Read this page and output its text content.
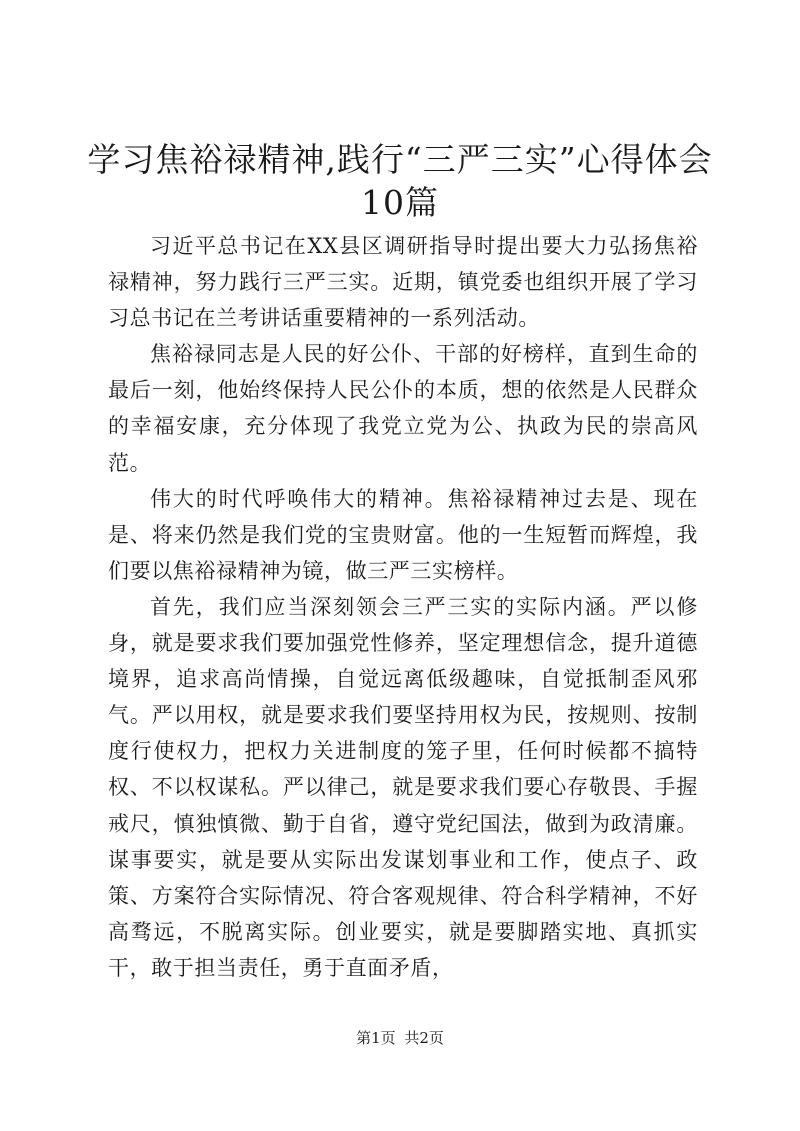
学习焦裕禄精神,践行“三严三实”心得体会
10篇

习近平总书记在XX县区调研指导时提出要大力弘扬焦裕禄精神，努力践行三严三实。近期，镇党委也组织开展了学习习总书记在兰考讲话重要精神的一系列活动。

焦裕禄同志是人民的好公仆、干部的好榜样，直到生命的最后一刻，他始终保持人民公仆的本质，想的依然是人民群众的幸福安康，充分体现了我党立党为公、执政为民的崇高风范。

伟大的时代呼唤伟大的精神。焦裕禄精神过去是、现在是、将来仍然是我们党的宝贵财富。他的一生短暂而辉煌，我们要以焦裕禄精神为镜，做三严三实榜样。

首先，我们应当深刻领会三严三实的实际内涵。严以修身，就是要求我们要加强党性修养，坚定理想信念，提升道德境界，追求高尚情操，自觉远离低级趣味，自觉抵制歪风邪气。严以用权，就是要求我们要坚持用权为民，按规则、按制度行使权力，把权力关进制度的笼子里，任何时候都不搞特权、不以权谋私。严以律己，就是要求我们要心存敬畏、手握戒尺，慎独慎微、勤于自省，遵守党纪国法，做到为政清廉。谋事要实，就是要从实际出发谋划事业和工作，使点子、政策、方案符合实际情况、符合客观规律、符合科学精神，不好高骛远，不脱离实际。创业要实，就是要脚踏实地、真抓实干，敢于担当责任，勇于直面矛盾，

第1页 共2页
